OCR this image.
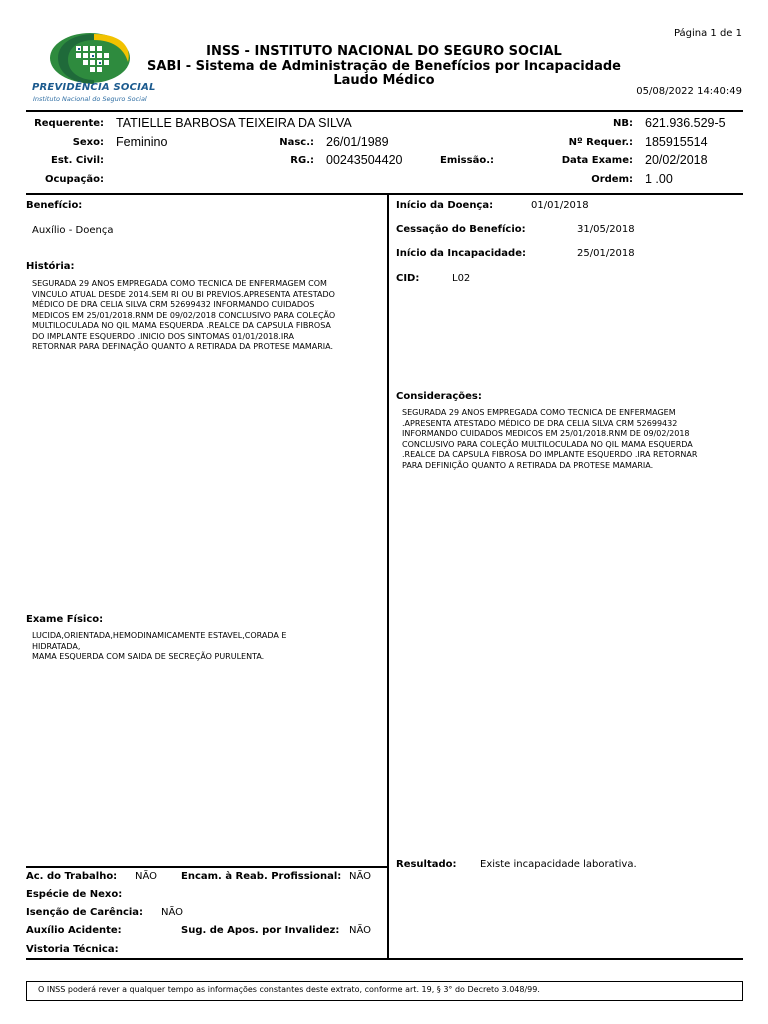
PREVIDÊNCIA SOCIAL
Instituto Nacional do Seguro Social
Página 1 de 1
05/08/2022 14:40:49
INSS - INSTITUTO NACIONAL DO SEGURO SOCIAL
SABI - Sistema de Administração de Benefícios por Incapacidade
Laudo Médico
Requerente: TATIELLE BARBOSA TEIXEIRA DA SILVA	NB: 621.936.529-5
Sexo: Feminino	Nasc.: 26/01/1989	Nº Requer.: 185915514
Est. Civil:	RG.: 00243504420	Emissão.:	Data Exame: 20/02/2018
Ocupação:	Ordem: 1 .00
Benefício:
Auxílio - Doença
História:
SEGURADA 29 ANOS EMPREGADA COMO TECNICA DE ENFERMAGEM COM
VINCULO ATUAL DESDE 2014.SEM RI OU BI PREVIOS.APRESENTA ATESTADO
MÉDICO DE DRA CELIA SILVA CRM 52699432 INFORMANDO CUIDADOS
MEDICOS EM 25/01/2018.RNM DE 09/02/2018 CONCLUSIVO PARA COLEÇÃO
MULTILOCULADA NO QIL MAMA ESQUERDA .REALCE DA CAPSULA FIBROSA
DO IMPLANTE ESQUERDO .INICIO DOS SINTOMAS 01/01/2018.IRA
RETORNAR PARA DEFINAÇÃO QUANTO A RETIRADA DA PROTESE MAMARIA.
Exame Físico:
LUCIDA,ORIENTADA,HEMODINAMICAMENTE ESTAVEL,CORADA E
HIDRATADA,
MAMA ESQUERDA COM SAIDA DE SECREÇÃO PURULENTA.
Início da Doença:	01/01/2018
Cessação do Benefício:	31/05/2018
Início da Incapacidade:	25/01/2018
CID:	L02
Considerações:
SEGURADA 29 ANOS EMPREGADA COMO TECNICA DE ENFERMAGEM
.APRESENTA ATESTADO MÉDICO DE DRA CELIA SILVA CRM 52699432
INFORMANDO CUIDADOS MEDICOS EM 25/01/2018.RNM DE 09/02/2018
CONCLUSIVO PARA COLEÇÃO MULTILOCULADA NO QIL MAMA ESQUERDA
.REALCE DA CAPSULA FIBROSA DO IMPLANTE ESQUERDO .IRA RETORNAR
PARA DEFINIÇÃO QUANTO A RETIRADA DA PROTESE MAMARIA.
Resultado: Existe incapacidade laborativa.
Ac. do Trabalho: NÃO Encam. à Reab. Profissional: NÃO
Espécie de Nexo:
Isenção de Carência: NÃO
Auxílio Acidente:	Sug. de Apos. por Invalidez: NÃO
Vistoria Técnica:
O INSS poderá rever a qualquer tempo as informações constantes deste extrato, conforme art. 19, § 3° do Decreto 3.048/99.
